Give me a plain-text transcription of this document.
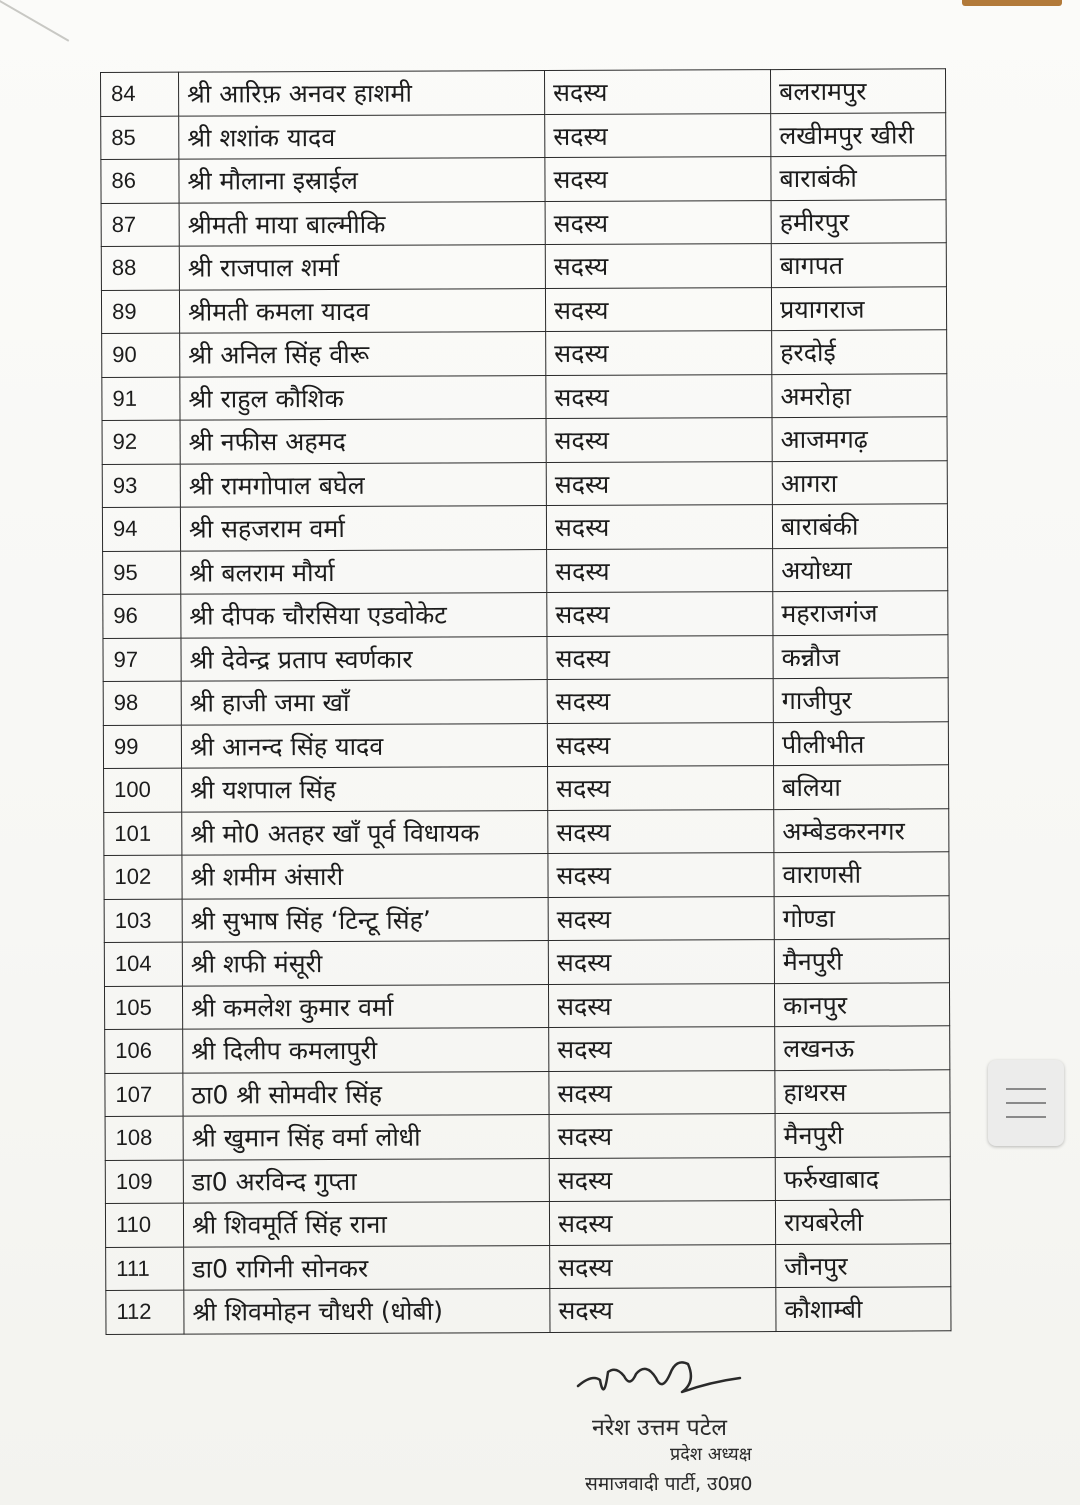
84	श्री आरिफ़ अनवर हाशमी	सदस्य	बलरामपुर
85	श्री शशांक यादव	सदस्य	लखीमपुर खीरी
86	श्री मौलाना इस्राईल	सदस्य	बाराबंकी
87	श्रीमती माया बाल्मीकि	सदस्य	हमीरपुर
88	श्री राजपाल शर्मा	सदस्य	बागपत
89	श्रीमती कमला यादव	सदस्य	प्रयागराज
90	श्री अनिल सिंह वीरू	सदस्य	हरदोई
91	श्री राहुल कौशिक	सदस्य	अमरोहा
92	श्री नफीस अहमद	सदस्य	आजमगढ़
93	श्री रामगोपाल बघेल	सदस्य	आगरा
94	श्री सहजराम वर्मा	सदस्य	बाराबंकी
95	श्री बलराम मौर्या	सदस्य	अयोध्या
96	श्री दीपक चौरसिया एडवोकेट	सदस्य	महराजगंज
97	श्री देवेन्द्र प्रताप स्वर्णकार	सदस्य	कन्नौज
98	श्री हाजी जमा खाँ	सदस्य	गाजीपुर
99	श्री आनन्द सिंह यादव	सदस्य	पीलीभीत
100	श्री यशपाल सिंह	सदस्य	बलिया
101	श्री मो0 अतहर खाँ पूर्व विधायक	सदस्य	अम्बेडकरनगर
102	श्री शमीम अंसारी	सदस्य	वाराणसी
103	श्री सुभाष सिंह ‘टिन्टू सिंह’	सदस्य	गोण्डा
104	श्री शफी मंसूरी	सदस्य	मैनपुरी
105	श्री कमलेश कुमार वर्मा	सदस्य	कानपुर
106	श्री दिलीप कमलापुरी	सदस्य	लखनऊ
107	ठा0 श्री सोमवीर सिंह	सदस्य	हाथरस
108	श्री खुमान सिंह वर्मा लोधी	सदस्य	मैनपुरी
109	डा0 अरविन्द गुप्ता	सदस्य	फर्रुखाबाद
110	श्री शिवमूर्ति सिंह राना	सदस्य	रायबरेली
111	डा0 रागिनी सोनकर	सदस्य	जौनपुर
112	श्री शिवमोहन चौधरी (धोबी)	सदस्य	कौशाम्बी
नरेश उत्तम पटेल
प्रदेश अध्यक्ष
समाजवादी पार्टी, उ0प्र0
